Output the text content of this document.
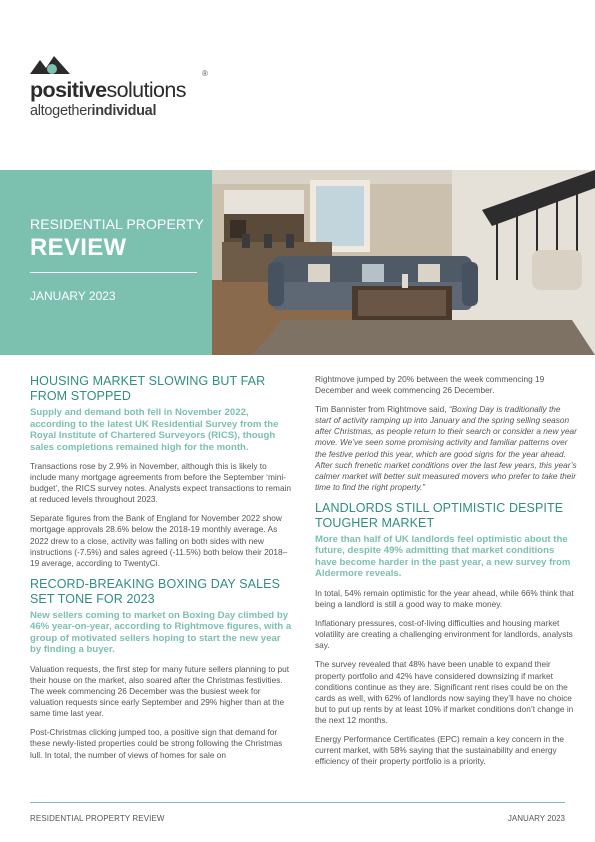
positivesolutions
®
altogetherindividual
RESIDENTIAL PROPERTY
REVIEW
JANUARY 2023
HOUSING MARKET SLOWING BUT FAR FROM STOPPED
Supply and demand both fell in November 2022, according to the latest UK Residential Survey from the Royal Institute of Chartered Surveyors (RICS), though sales completions remained high for the month.
Transactions rose by 2.9% in November, although this is likely to include many mortgage agreements from before the September ‘mini-budget’, the RICS survey notes. Analysts expect transactions to remain at reduced levels throughout 2023.
Separate figures from the Bank of England for November 2022 show mortgage approvals 28.6% below the 2018-19 monthly average. As 2022 drew to a close, activity was falling on both sides with new instructions (-7.5%) and sales agreed (-11.5%) both below their 2018–19 average, according to TwentyCi.
RECORD-BREAKING BOXING DAY SALES SET TONE FOR 2023
New sellers coming to market on Boxing Day climbed by 46% year-on-year, according to Rightmove figures, with a group of motivated sellers hoping to start the new year by finding a buyer.
Valuation requests, the first step for many future sellers planning to put their house on the market, also soared after the Christmas festivities. The week commencing 26 December was the busiest week for valuation requests since early September and 29% higher than at the same time last year.
Post-Christmas clicking jumped too, a positive sign that demand for these newly-listed properties could be strong following the Christmas lull. In total, the number of views of homes for sale on
Rightmove jumped by 20% between the week commencing 19 December and week commencing 26 December.
Tim Bannister from Rightmove said, “Boxing Day is traditionally the start of activity ramping up into January and the spring selling season after Christmas, as people return to their search or consider a new year move. We’ve seen some promising activity and familiar patterns over the festive period this year, which are good signs for the year ahead. After such frenetic market conditions over the last few years, this year’s calmer market will better suit measured movers who prefer to take their time to find the right property.”
LANDLORDS STILL OPTIMISTIC DESPITE TOUGHER MARKET
More than half of UK landlords feel optimistic about the future, despite 49% admitting that market conditions have become harder in the past year, a new survey from Aldermore reveals.
In total, 54% remain optimistic for the year ahead, while 66% think that being a landlord is still a good way to make money.
Inflationary pressures, cost-of-living difficulties and housing market volatility are creating a challenging environment for landlords, analysts say.
The survey revealed that 48% have been unable to expand their property portfolio and 42% have considered downsizing if market conditions continue as they are. Significant rent rises could be on the cards as well, with 62% of landlords now saying they’ll have no choice but to put up rents by at least 10% if market conditions don’t change in the next 12 months.
Energy Performance Certificates (EPC) remain a key concern in the current market, with 58% saying that the sustainability and energy efficiency of their property portfolio is a priority.
RESIDENTIAL PROPERTY REVIEW	JANUARY 2023
